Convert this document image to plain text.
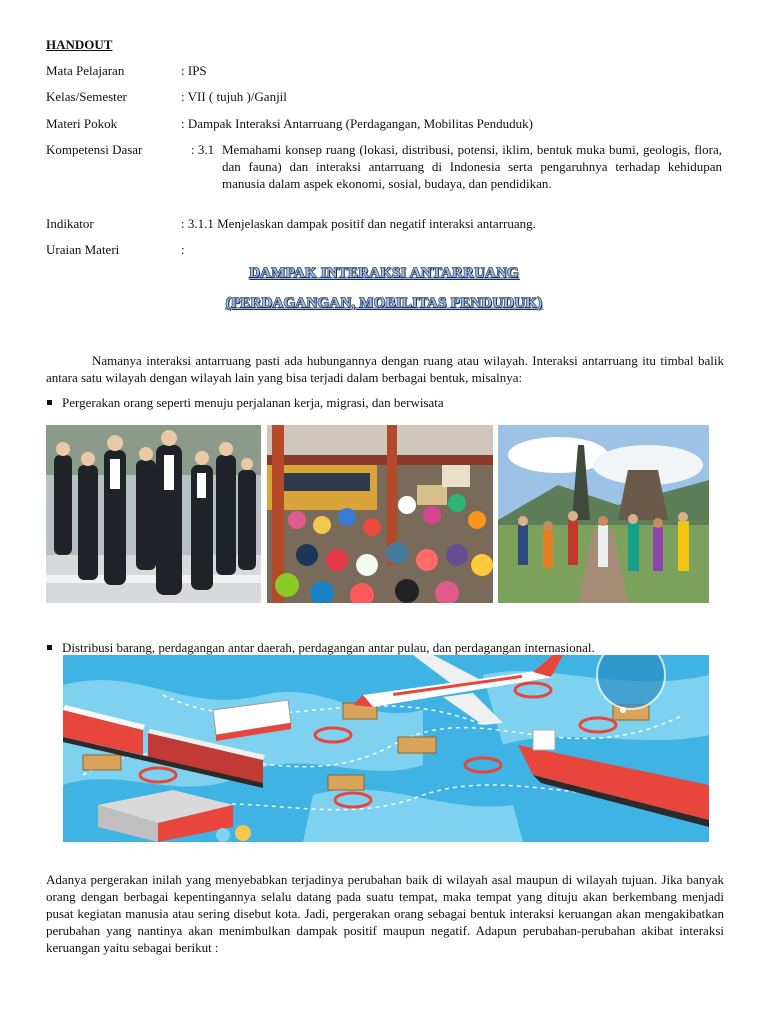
HANDOUT
Mata Pelajaran	: IPS
Kelas/Semester	: VII ( tujuh )/Ganjil
Materi Pokok	: Dampak Interaksi Antarruang (Perdagangan, Mobilitas Penduduk)
Kompetensi Dasar	: 3.1 Memahami konsep ruang (lokasi, distribusi, potensi, iklim, bentuk muka bumi, geologis, flora, dan fauna) dan interaksi antarruang di Indonesia serta pengaruhnya terhadap kehidupan manusia dalam aspek ekonomi, sosial, budaya, dan pendidikan.
Indikator	: 3.1.1 Menjelaskan dampak positif dan negatif interaksi antarruang.
Uraian Materi	:
DAMPAK INTERAKSI ANTARRUANG
(PERDAGANGAN, MOBILITAS PENDUDUK)
Namanya interaksi antarruang pasti ada hubungannya dengan ruang atau wilayah. Interaksi antarruang itu timbal balik antara satu wilayah dengan wilayah lain yang bisa terjadi dalam berbagai bentuk, misalnya:
Pergerakan orang seperti menuju perjalanan kerja, migrasi, dan berwisata
Distribusi barang, perdagangan antar daerah, perdagangan antar pulau, dan perdagangan internasional.
Adanya pergerakan inilah yang menyebabkan terjadinya perubahan baik di wilayah asal maupun di wilayah tujuan. Jika banyak orang dengan berbagai kepentingannya selalu datang pada suatu tempat, maka tempat yang dituju akan berkembang menjadi pusat kegiatan manusia atau sering disebut kota. Jadi, pergerakan orang sebagai bentuk interaksi keruangan akan mengakibatkan perubahan yang nantinya akan menimbulkan dampak positif maupun negatif. Adapun perubahan-perubahan akibat interaksi keruangan yaitu sebagai berikut :
